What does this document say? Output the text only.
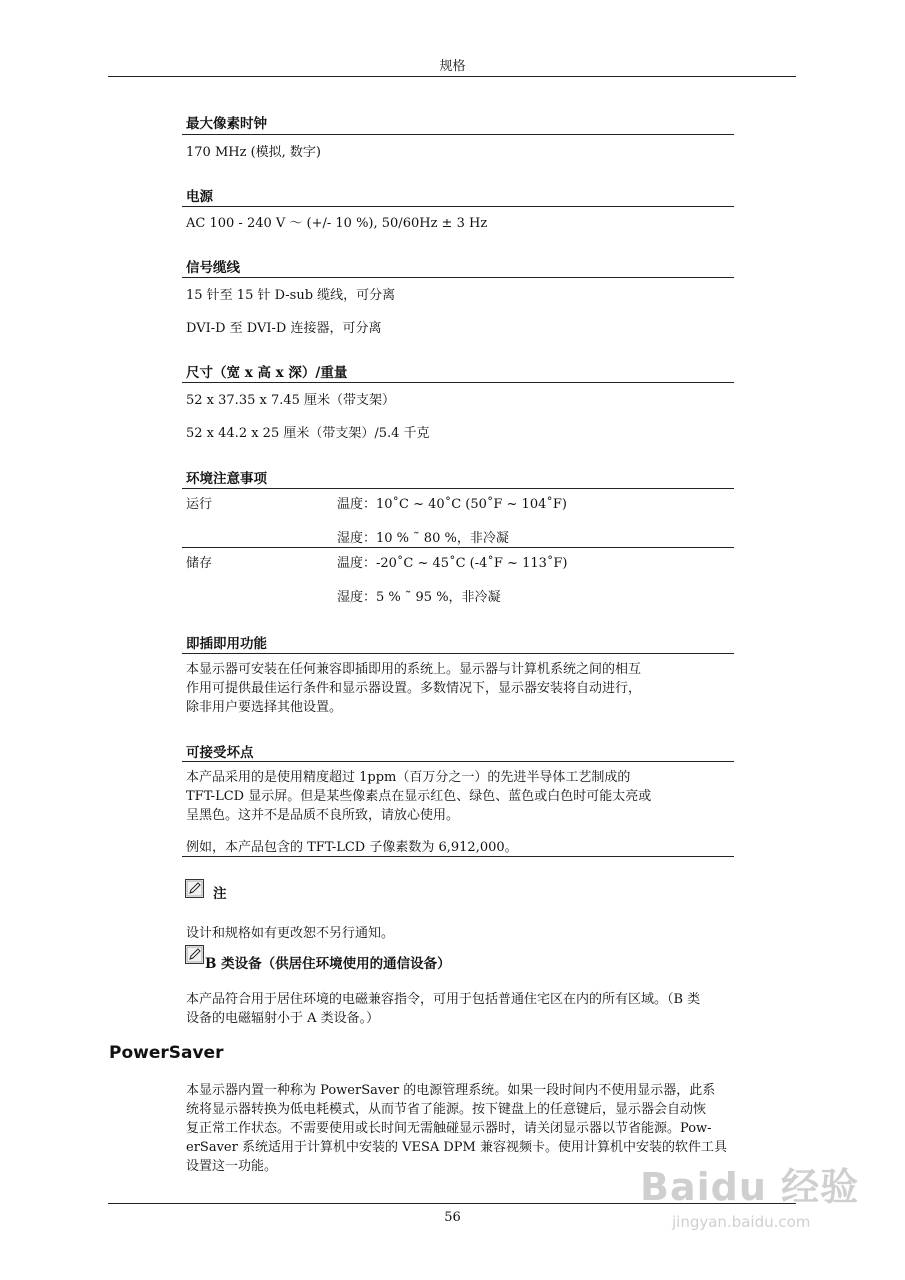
规格
最大像素时钟
170 MHz (模拟, 数字)
电源
AC 100 - 240 V ～ (+/- 10 %), 50/60Hz ± 3 Hz
信号缆线
15 针至 15 针 D-sub 缆线，可分离
DVI-D 至 DVI-D 连接器，可分离
尺寸（宽 x 高 x 深）/重量
52 x 37.35 x 7.45 厘米（带支架）
52 x 44.2 x 25 厘米（带支架）/5.4 千克
环境注意事项
运行	温度：10˚C ~ 40˚C (50˚F ~ 104˚F)
湿度：10 % ˜ 80 %，非冷凝
储存	温度：-20˚C ~ 45˚C (-4˚F ~ 113˚F)
湿度：5 % ˜ 95 %，非冷凝
即插即用功能
本显示器可安装在任何兼容即插即用的系统上。显示器与计算机系统之间的相互
作用可提供最佳运行条件和显示器设置。多数情况下，显示器安装将自动进行，
除非用户要选择其他设置。
可接受坏点
本产品采用的是使用精度超过 1ppm（百万分之一）的先进半导体工艺制成的
TFT-LCD 显示屏。但是某些像素点在显示红色、绿色、蓝色或白色时可能太亮或
呈黑色。这并不是品质不良所致，请放心使用。
例如，本产品包含的 TFT-LCD 子像素数为 6,912,000。
注
设计和规格如有更改恕不另行通知。
B 类设备（供居住环境使用的通信设备）
本产品符合用于居住环境的电磁兼容指令，可用于包括普通住宅区在内的所有区域。（B 类
设备的电磁辐射小于 A 类设备。）
PowerSaver
本显示器内置一种称为 PowerSaver 的电源管理系统。如果一段时间内不使用显示器，此系
统将显示器转换为低电耗模式，从而节省了能源。按下键盘上的任意键后，显示器会自动恢
复正常工作状态。不需要使用或长时间无需触碰显示器时，请关闭显示器以节省能源。Pow-
erSaver 系统适用于计算机中安装的 VESA DPM 兼容视频卡。使用计算机中安装的软件工具
设置这一功能。
56
Baidu 经验
jingyan.baidu.com
